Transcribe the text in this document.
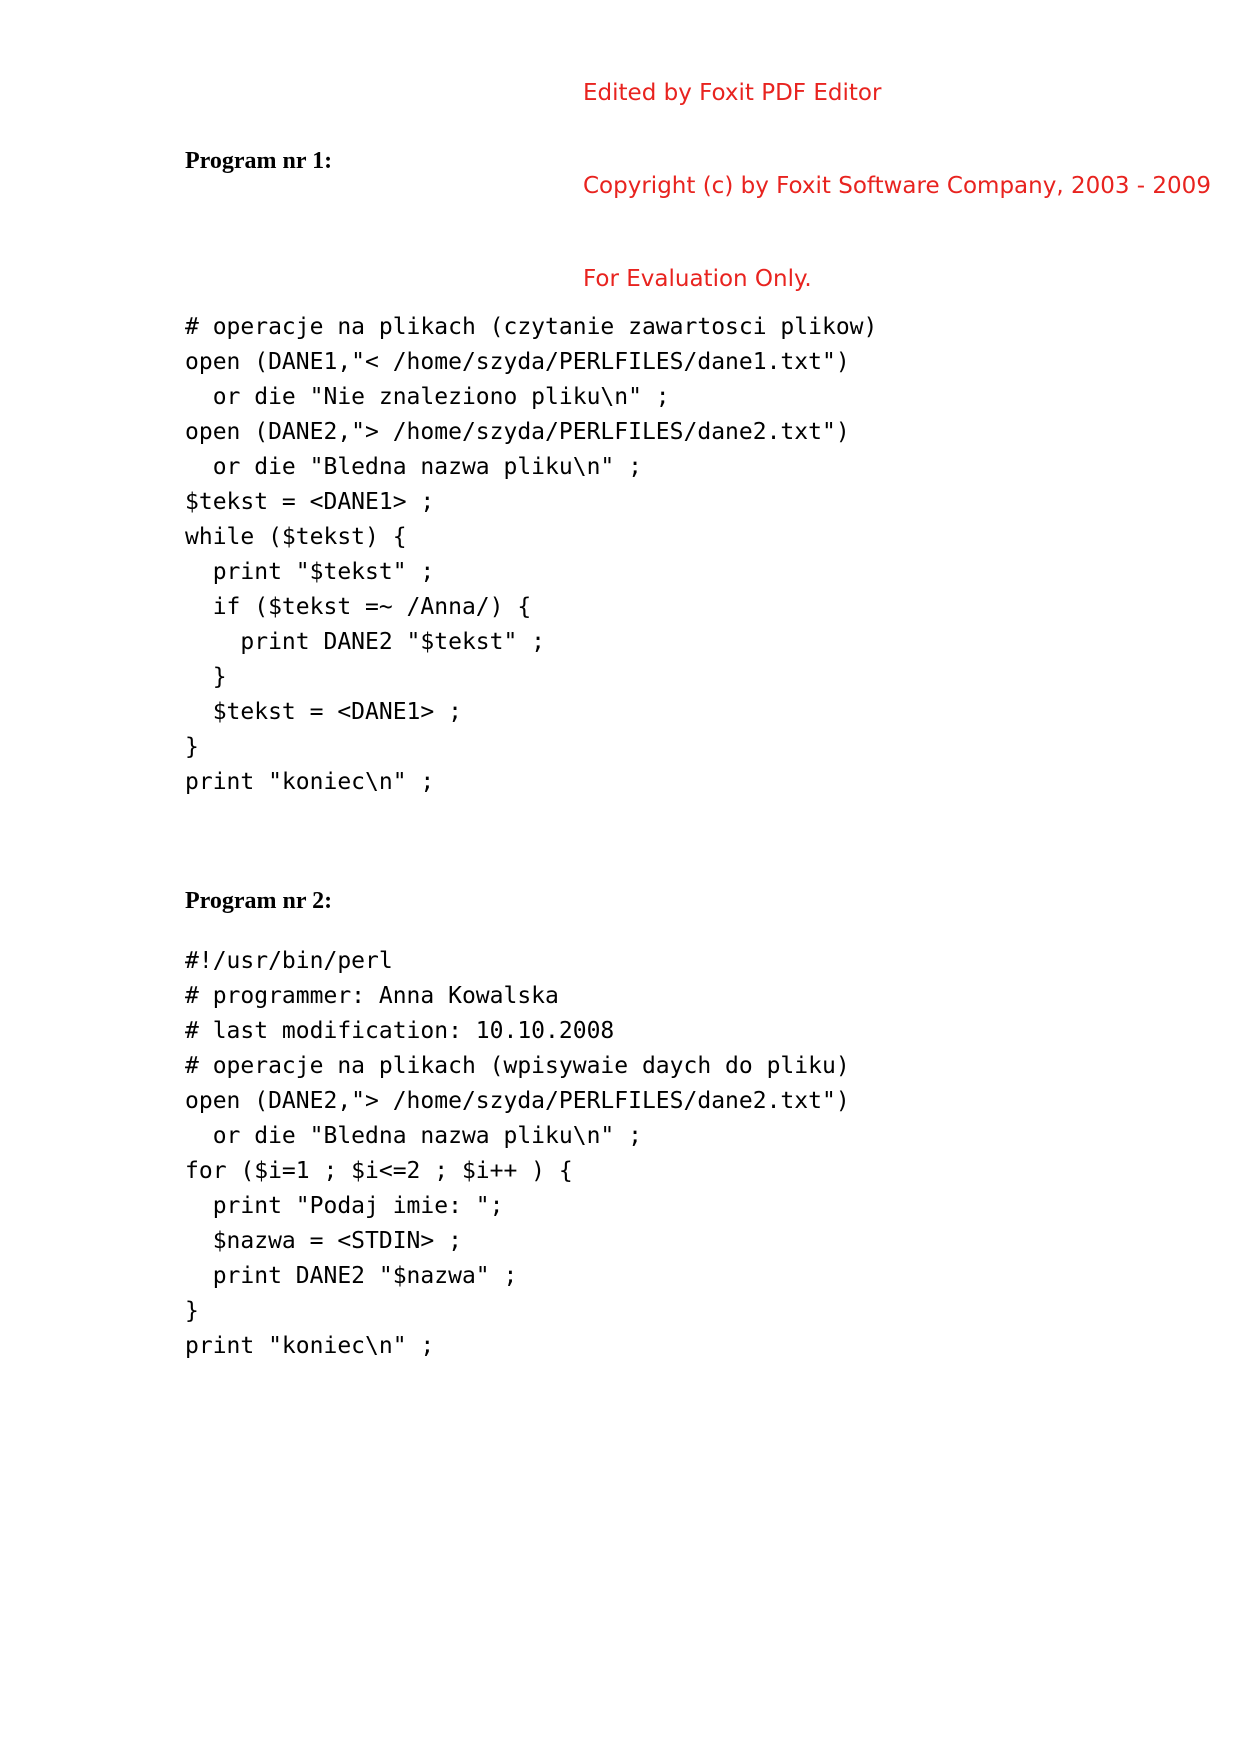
Edited by Foxit PDF Editor

Copyright (c) by Foxit Software Company, 2003 - 2009

For Evaluation Only.

Program nr 1:
# operacje na plikach (czytanie zawartosci plikow)
open (DANE1,"< /home/szyda/PERLFILES/dane1.txt")
or die "Nie znaleziono pliku\n" ;
open (DANE2,"> /home/szyda/PERLFILES/dane2.txt")
or die "Bledna nazwa pliku\n" ;
$tekst = <DANE1> ;
while ($tekst) {
print "$tekst" ;
if ($tekst =~ /Anna/) {
print DANE2 "$tekst" ;
}
$tekst = <DANE1> ;
}
print "koniec\n" ;
Program nr 2:
#!/usr/bin/perl
# programmer: Anna Kowalska
# last modification: 10.10.2008
# operacje na plikach (wpisywaie daych do pliku)
open (DANE2,"> /home/szyda/PERLFILES/dane2.txt")
or die "Bledna nazwa pliku\n" ;
for ($i=1 ; $i<=2 ; $i++ ) {
print "Podaj imie: ";
$nazwa = <STDIN> ;
print DANE2 "$nazwa" ;
}
print "koniec\n" ;
